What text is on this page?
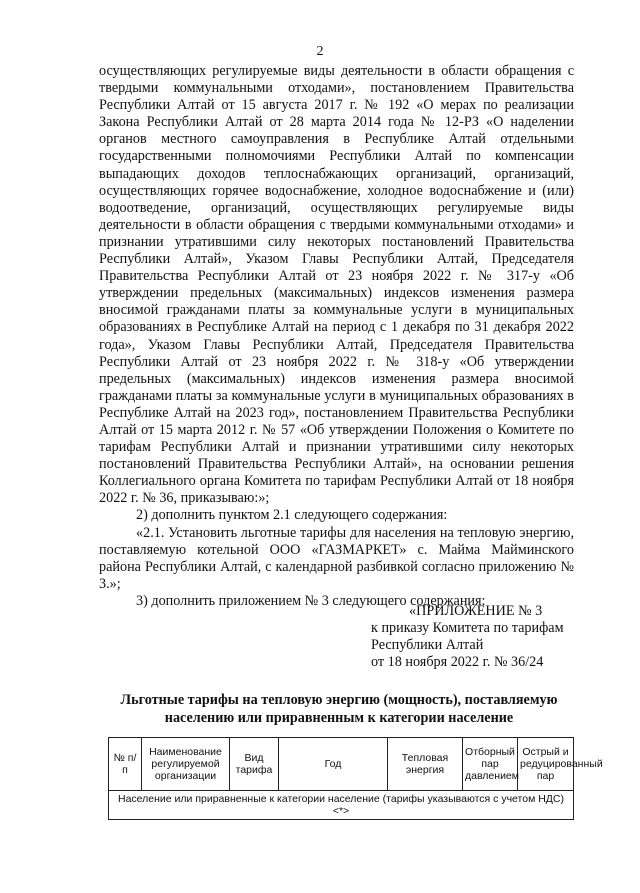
2

осуществляющих регулируемые виды деятельности в области обращения с твердыми коммунальными отходами», постановлением Правительства Республики Алтай от 15 августа 2017 г. № 192 «О мерах по реализации Закона Республики Алтай от 28 марта 2014 года № 12-РЗ «О наделении органов местного самоуправления в Республике Алтай отдельными государственными полномочиями Республики Алтай по компенсации выпадающих доходов теплоснабжающих организаций, организаций, осуществляющих горячее водоснабжение, холодное водоснабжение и (или) водоотведение, организаций, осуществляющих регулируемые виды деятельности в области обращения с твердыми коммунальными отходами» и признании утратившими силу некоторых постановлений Правительства Республики Алтай», Указом Главы Республики Алтай, Председателя Правительства Республики Алтай от 23 ноября 2022 г. № 317-у «Об утверждении предельных (максимальных) индексов изменения размера вносимой гражданами платы за коммунальные услуги в муниципальных образованиях в Республике Алтай на период с 1 декабря по 31 декабря 2022 года», Указом Главы Республики Алтай, Председателя Правительства Республики Алтай от 23 ноября 2022 г. № 318-у «Об утверждении предельных (максимальных) индексов изменения размера вносимой гражданами платы за коммунальные услуги в муниципальных образованиях в Республике Алтай на 2023 год», постановлением Правительства Республики Алтай от 15 марта 2012 г. № 57 «Об утверждении Положения о Комитете по тарифам Республики Алтай и признании утратившими силу некоторых постановлений Правительства Республики Алтай», на основании решения Коллегиального органа Комитета по тарифам Республики Алтай от 18 ноября 2022 г. № 36, приказываю:»;

2) дополнить пунктом 2.1 следующего содержания:

«2.1. Установить льготные тарифы для населения на тепловую энергию, поставляемую котельной ООО «ГАЗМАРКЕТ» с. Майма Майминского района Республики Алтай, с календарной разбивкой согласно приложению № 3.»;

3) дополнить приложением № 3 следующего содержания:

«ПРИЛОЖЕНИЕ № 3
к приказу Комитета по тарифам
Республики Алтай
от 18 ноября 2022 г. № 36/24
Льготные тарифы на тепловую энергию (мощность), поставляемую
населению или приравненным к категории население
№ п/п	Наименование регулируемой организации	Вид тарифа	Год	Тепловая энергия	Отборный пар давлением	Острый и редуцированный пар
Население или приравненные к категории население (тарифы указываются с учетом НДС) <*>
